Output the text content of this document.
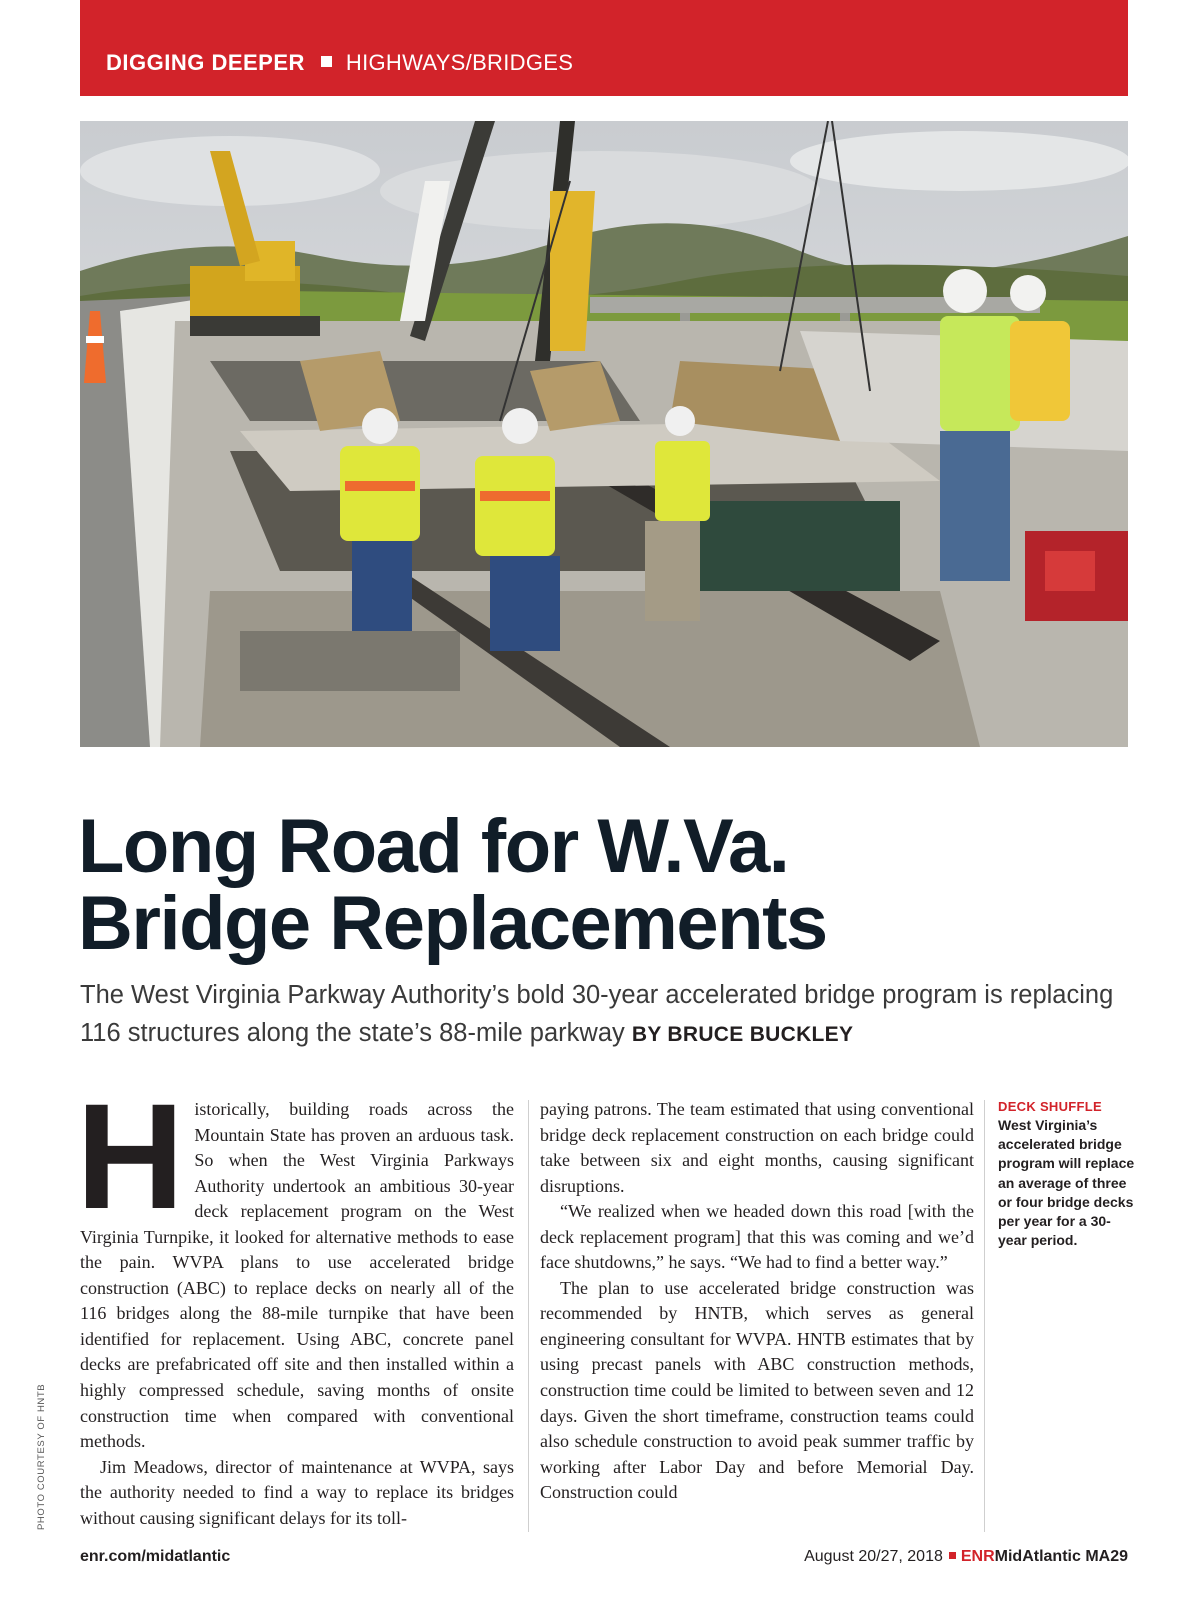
DIGGING DEEPER HIGHWAYS/BRIDGES
PHOTO COURTESY OF HNTB
Long Road for W.Va.
Bridge Replacements

The West Virginia Parkway Authority’s bold 30-year accelerated bridge program is replacing 116 structures along the state’s 88-mile parkway BY BRUCE BUCKLEY

H istorically, building roads across the Mountain State has proven an arduous task. So when the West Virginia Parkways Authority undertook an ambitious 30-year deck replacement program on the West Virginia Turnpike, it looked for alternative methods to ease the pain. WVPA plans to use accelerated bridge construction (ABC) to replace decks on nearly all of the 116 bridges along the 88-mile turnpike that have been identified for replacement. Using ABC, concrete panel decks are prefabricated off site and then installed within a highly compressed schedule, saving months of onsite construction time when compared with conventional methods.

Jim Meadows, director of maintenance at WVPA, says the authority needed to find a way to replace its bridges without causing significant delays for its toll-

paying patrons. The team estimated that using conventional bridge deck replacement construction on each bridge could take between six and eight months, causing significant disruptions.

“We realized when we headed down this road [with the deck replacement program] that this was coming and we’d face shutdowns,” he says. “We had to find a better way.”

The plan to use accelerated bridge construction was recommended by HNTB, which serves as general engineering consultant for WVPA. HNTB estimates that by using precast panels with ABC construction methods, construction time could be limited to between seven and 12 days. Given the short timeframe, construction teams could also schedule construction to avoid peak summer traffic by working after Labor Day and before Memorial Day. Construction could

DECK SHUFFLE
West Virginia’s accelerated bridge program will replace an average of three or four bridge decks per year for a 30-year period.
enr.com/midatlantic	August 20/27, 2018 ENRMidAtlantic MA29
